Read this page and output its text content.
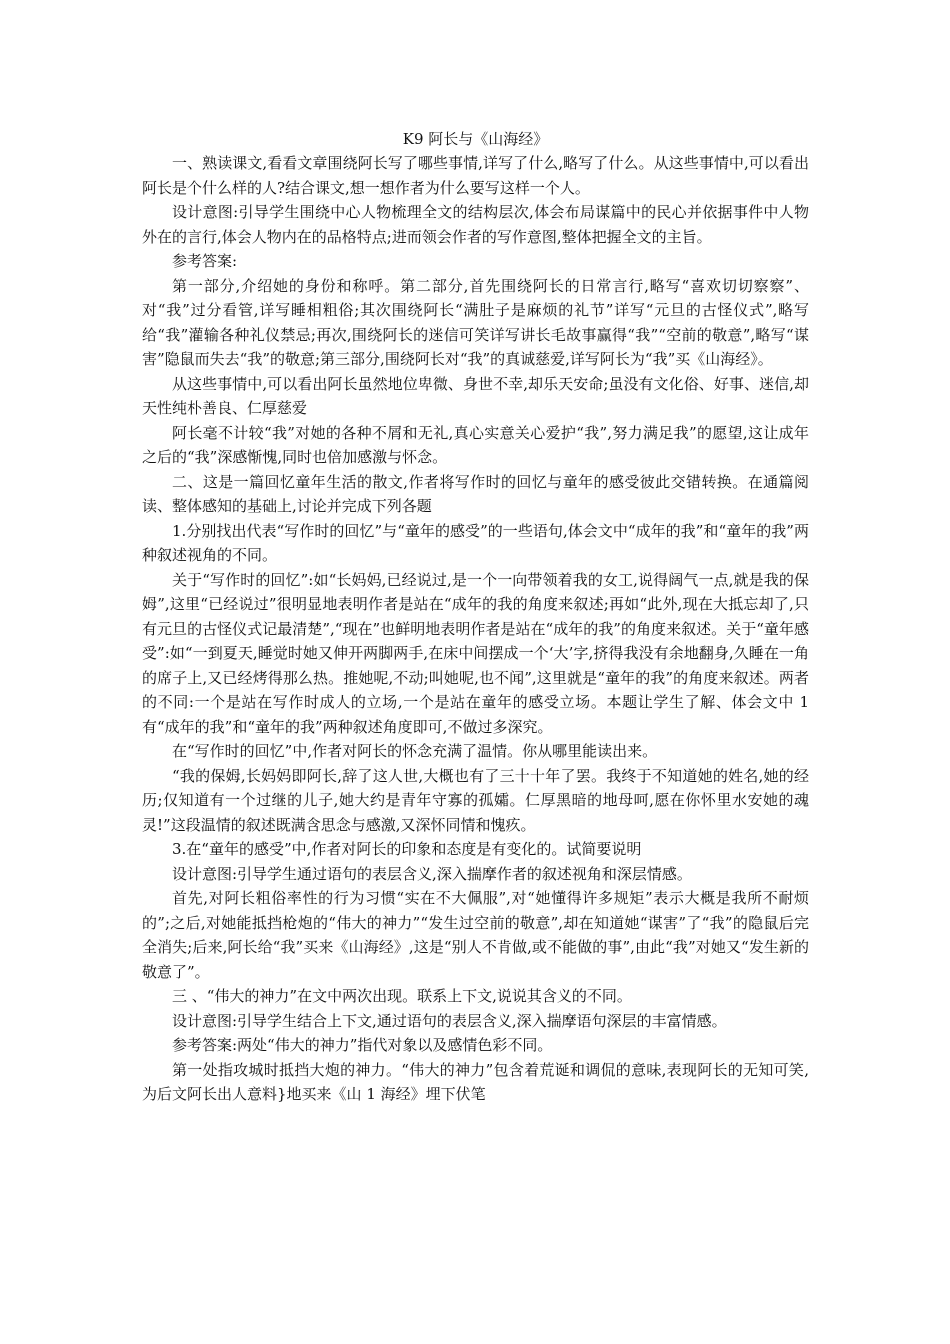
K9 阿长与《山海经》

一、熟读课文,看看文章围绕阿长写了哪些事情,详写了什么,略写了什么。从这些事情中,可以看出阿长是个什么样的人?结合课文,想一想作者为什么要写这样一个人。

设计意图:引导学生围绕中心人物梳理全文的结构层次,体会布局谋篇中的民心并依据事件中人物外在的言行,体会人物内在的品格特点;进而领会作者的写作意图,整体把握全文的主旨。

参考答案:

第一部分,介绍她的身份和称呼。第二部分,首先围绕阿长的日常言行,略写“喜欢切切察察”、对“我”过分看管,详写睡相粗俗;其次围绕阿长“满肚子是麻烦的礼节”详写“元旦的古怪仪式”,略写给“我”灌输各种礼仪禁忌;再次,围绕阿长的迷信可笑详写讲长毛故事赢得“我”“空前的敬意”,略写“谋害”隐鼠而失去“我”的敬意;第三部分,围绕阿长对“我”的真诚慈爱,详写阿长为“我”买《山海经》。

从这些事情中,可以看出阿长虽然地位卑微、身世不幸,却乐天安命;虽没有文化俗、好事、迷信,却天性纯朴善良、仁厚慈爱

阿长毫不计较“我”对她的各种不屑和无礼,真心实意关心爱护“我”,努力满足我”的愿望,这让成年之后的“我”深感惭愧,同时也倍加感激与怀念。

二、这是一篇回忆童年生活的散文,作者将写作时的回忆与童年的感受彼此交错转换。在通篇阅读、整体感知的基础上,讨论并完成下列各题

1.分别找出代表“写作时的回忆”与“童年的感受”的一些语句,体会文中“成年的我”和“童年的我”两种叙述视角的不同。

关于“写作时的回忆”:如“长妈妈,已经说过,是一个一向带领着我的女工,说得阔气一点,就是我的保姆”,这里“已经说过”很明显地表明作者是站在“成年的我的角度来叙述;再如“此外,现在大抵忘却了,只有元旦的古怪仪式记最清楚”,“现在”也鲜明地表明作者是站在“成年的我”的角度来叙述。关于“童年感受”:如“一到夏天,睡觉时她又伸开两脚两手,在床中间摆成一个‘大’字,挤得我没有余地翻身,久睡在一角的席子上,又已经烤得那么热。推她呢,不动;叫她呢,也不闻”,这里就是“童年的我”的角度来叙述。两者的不同:一个是站在写作时成人的立场,一个是站在童年的感受立场。本题让学生了解、体会文中 1 有“成年的我”和“童年的我”两种叙述角度即可,不做过多深究。

在“写作时的回忆”中,作者对阿长的怀念充满了温情。你从哪里能读出来。

“我的保姆,长妈妈即阿长,辞了这人世,大概也有了三十十年了罢。我终于不知道她的姓名,她的经历;仅知道有一个过继的儿子,她大约是青年守寡的孤孀。仁厚黑暗的地母呵,愿在你怀里水安她的魂灵!”这段温情的叙述既满含思念与感激,又深怀同情和愧疚。

3.在“童年的感受”中,作者对阿长的印象和态度是有变化的。试简要说明

设计意图:引导学生通过语句的表层含义,深入揣摩作者的叙述视角和深层情感。

首先,对阿长粗俗率性的行为习惯“实在不大佩服”,对“她懂得许多规矩”表示大概是我所不耐烦的”;之后,对她能抵挡枪炮的“伟大的神力”“发生过空前的敬意”,却在知道她“谋害”了“我”的隐鼠后完全消失;后来,阿长给“我”买来《山海经》,这是“别人不肯做,或不能做的事”,由此“我”对她又“发生新的敬意了”。

三 、“伟大的神力”在文中两次出现。联系上下文,说说其含义的不同。

设计意图:引导学生结合上下文,通过语句的表层含义,深入揣摩语句深层的丰富情感。

参考答案:两处“伟大的神力”指代对象以及感情色彩不同。

第一处指攻城时抵挡大炮的神力。“伟大的神力”包含着荒诞和调侃的意味,表现阿长的无知可笑,为后文阿长出人意料}地买来《山 1 海经》埋下伏笔
